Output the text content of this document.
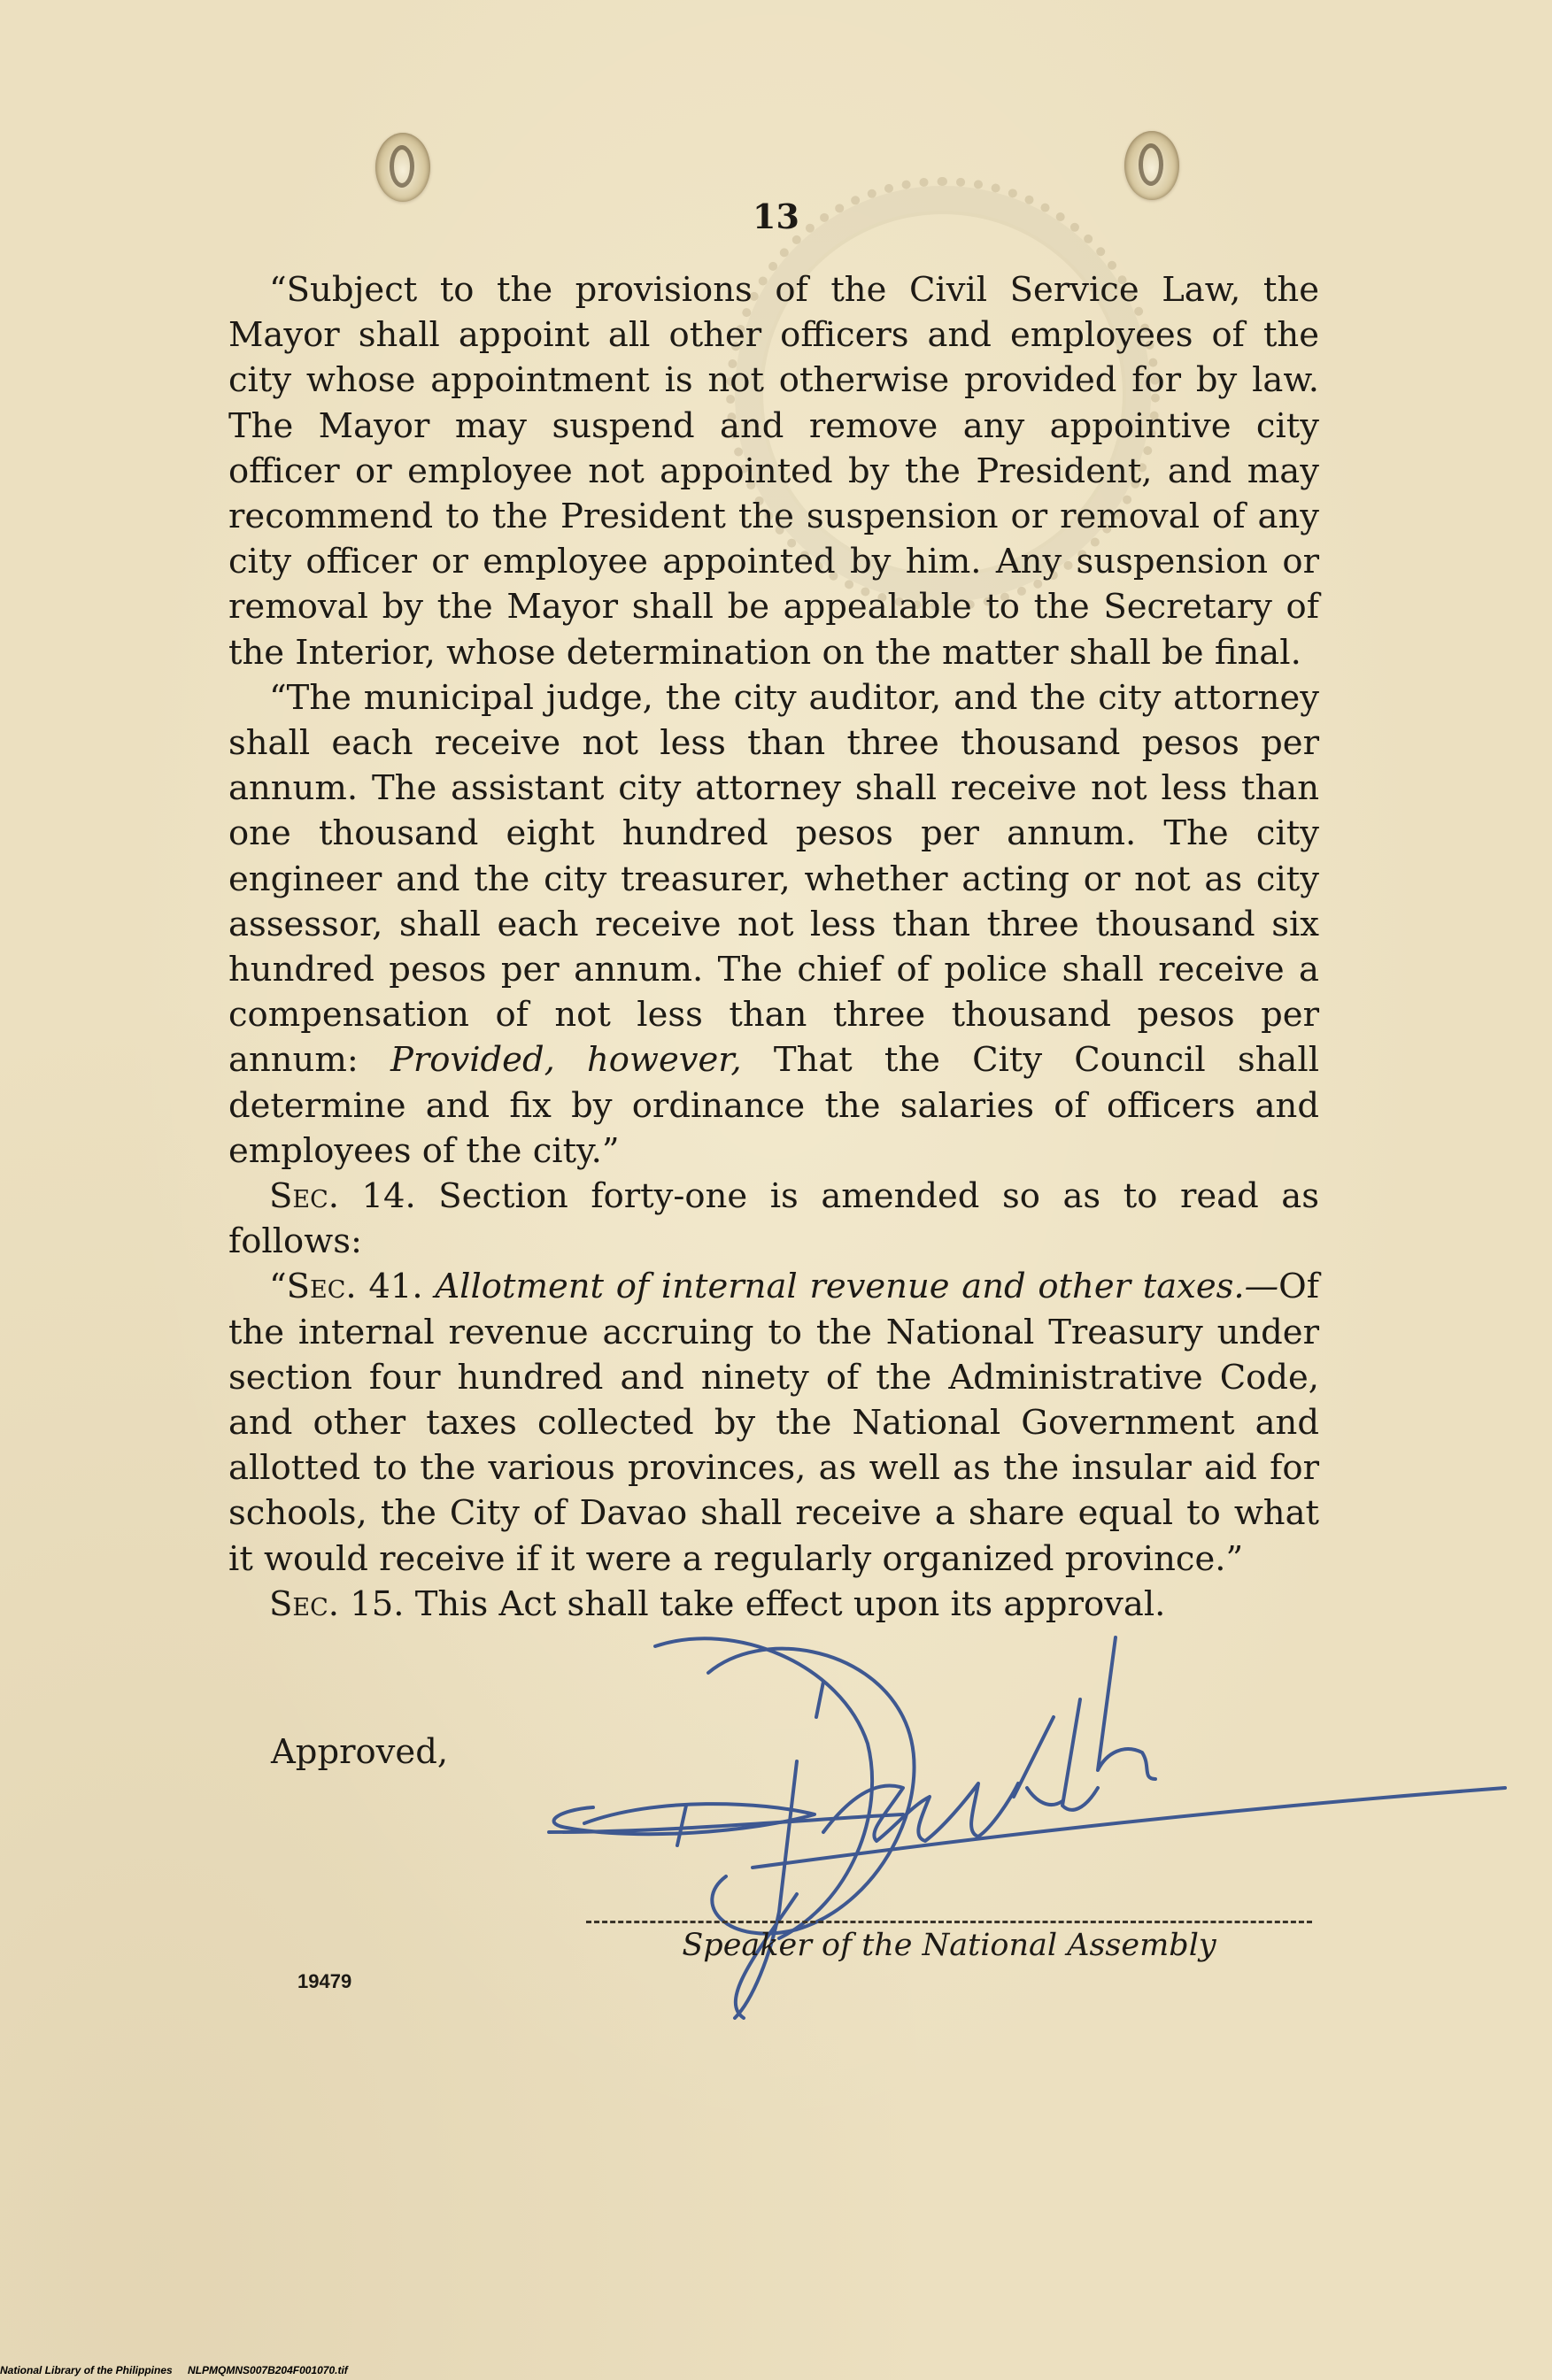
13

“Subject to the provisions of the Civil Service Law, the Mayor shall appoint all other officers and employees of the city whose appointment is not otherwise provided for by law. The Mayor may suspend and remove any appointive city officer or employee not appointed by the President, and may recommend to the President the suspension or removal of any city officer or employee appointed by him. Any suspension or removal by the Mayor shall be appealable to the Secretary of the Interior, whose determination on the matter shall be final.

“The municipal judge, the city auditor, and the city attorney shall each receive not less than three thousand pesos per annum. The assistant city attorney shall receive not less than one thousand eight hundred pesos per annum. The city engineer and the city treasurer, whether acting or not as city assessor, shall each receive not less than three thousand six hundred pesos per annum. The chief of police shall receive a compensation of not less than three thousand pesos per annum: Provided, however, That the City Council shall determine and fix by ordinance the salaries of officers and employees of the city.”

Sec. 14. Section forty-one is amended so as to read as follows:

“Sec. 41. Allotment of internal revenue and other taxes.—Of the internal revenue accruing to the National Treasury under section four hundred and ninety of the Administrative Code, and other taxes collected by the National Government and allotted to the various provinces, as well as the insular aid for schools, the City of Davao shall receive a share equal to what it would receive if it were a regularly organized province.”

Sec. 15. This Act shall take effect upon its approval.

Approved,
Speaker of the National Assembly
19479
National Library of the Philippines NLPMQMNS007B204F001070.tif
